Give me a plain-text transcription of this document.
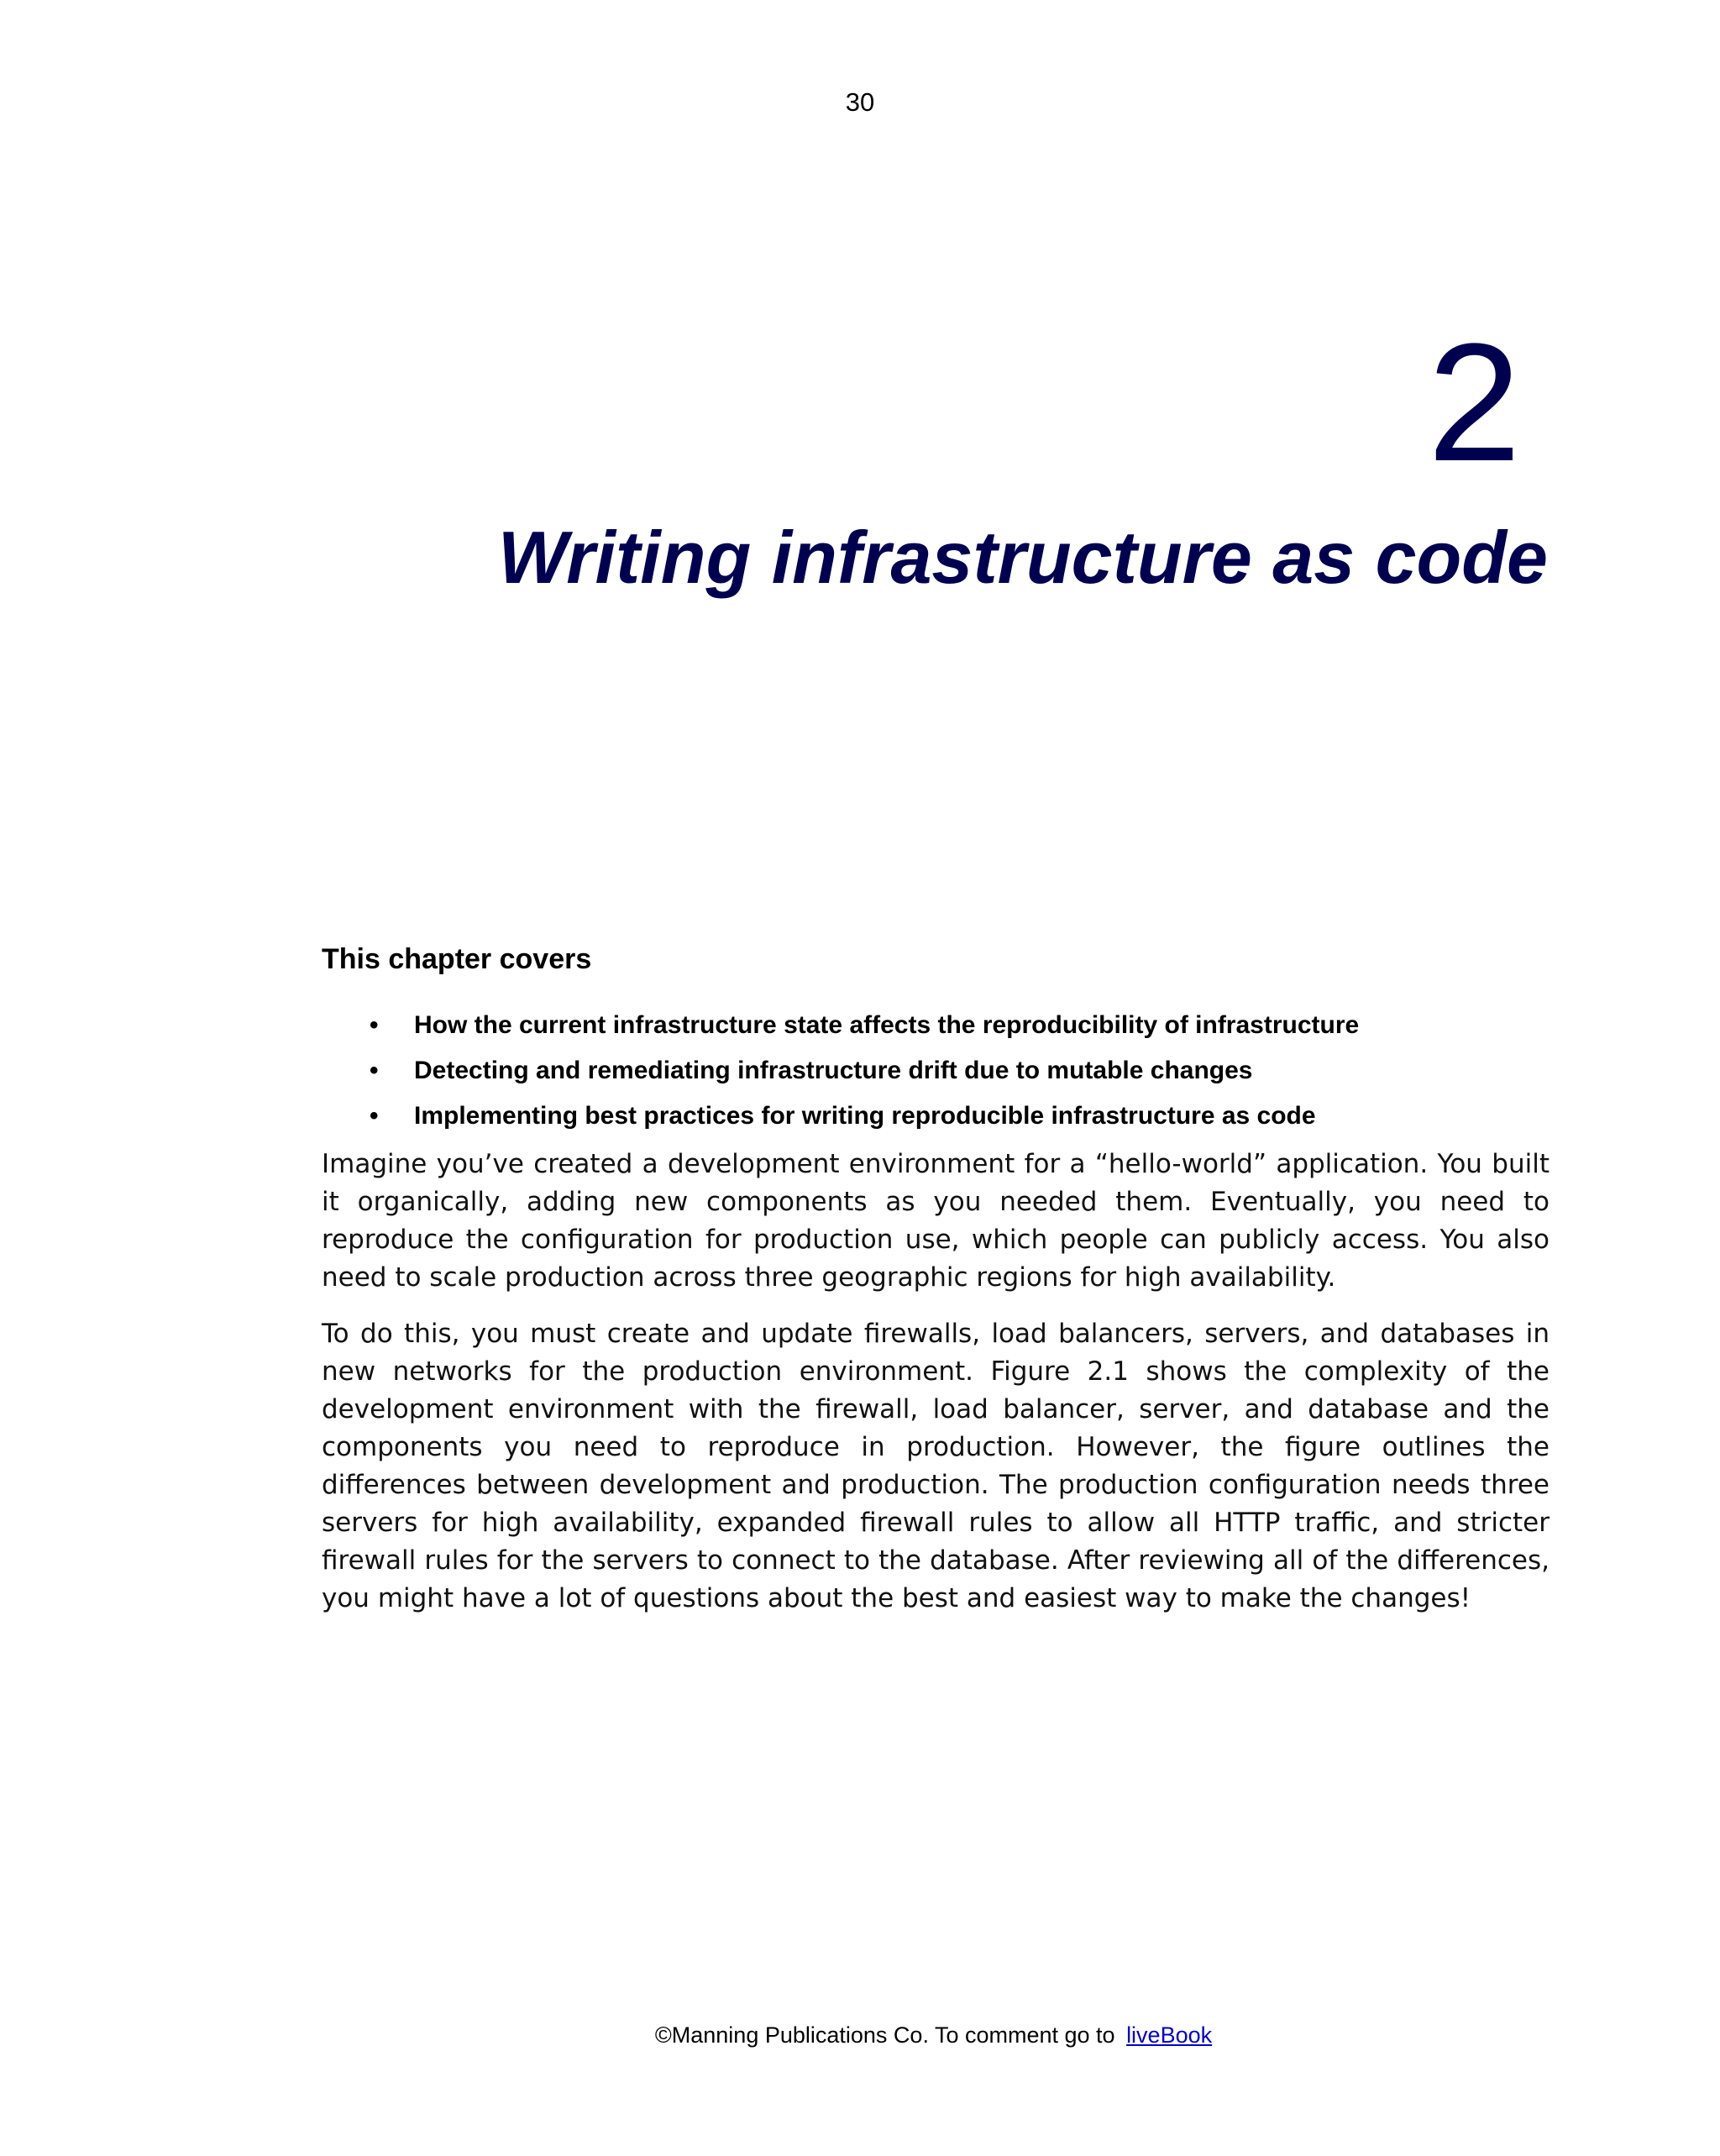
30
2
Writing infrastructure as code
This chapter covers
• How the current infrastructure state affects the reproducibility of infrastructure
• Detecting and remediating infrastructure drift due to mutable changes
• Implementing best practices for writing reproducible infrastructure as code

Imagine you’ve created a development environment for a “hello-world” application. You built it organically, adding new components as you needed them. Eventually, you need to reproduce the configuration for production use, which people can publicly access. You also need to scale production across three geographic regions for high availability.

To do this, you must create and update firewalls, load balancers, servers, and databases in new networks for the production environment. Figure 2.1 shows the complexity of the development environment with the firewall, load balancer, server, and database and the components you need to reproduce in production. However, the figure outlines the differences between development and production. The production configuration needs three servers for high availability, expanded firewall rules to allow all HTTP traffic, and stricter firewall rules for the servers to connect to the database. After reviewing all of the differences, you might have a lot of questions about the best and easiest way to make the changes!

©Manning Publications Co. To comment go to liveBook
